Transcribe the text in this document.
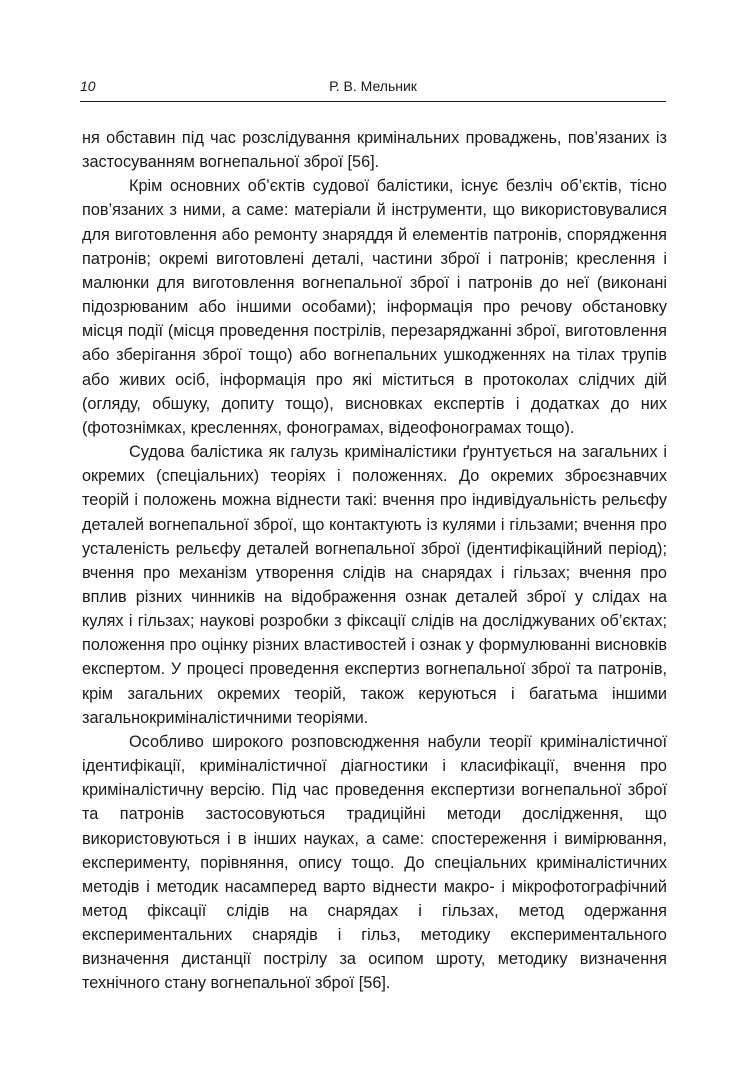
10	Р. В. Мельник

ня обставин під час розслідування кримінальних проваджень, пов’язаних із застосуванням вогнепальної зброї [56].

Крім основних об’єктів судової балістики, існує безліч об’єктів, тісно пов’язаних з ними, а саме: матеріали й інструменти, що використовувалися для виготовлення або ремонту знаряддя й елементів патронів, спорядження патронів; окремі виготовлені деталі, частини зброї і патронів; креслення і малюнки для виготовлення вогнепальної зброї і патронів до неї (виконані підозрюваним або іншими особами); інформація про речову обстановку місця події (місця проведення пострілів, перезаряджанні зброї, виготовлення або зберігання зброї тощо) або вогнепальних ушкодженнях на тілах трупів або живих осіб, інформація про які міститься в протоколах слідчих дій (огляду, обшуку, допиту тощо), висновках експертів і додатках до них (фотознімках, кресленнях, фонограмах, відеофонограмах тощо).

Судова балістика як галузь криміналістики ґрунтується на загальних і окремих (спеціальних) теоріях і положеннях. До окремих зброєзнавчих теорій і положень можна віднести такі: вчення про індивідуальність рельєфу деталей вогнепальної зброї, що контактують із кулями і гільзами; вчення про усталеність рельєфу деталей вогнепальної зброї (ідентифікаційний період); вчення про механізм утворення слідів на снарядах і гільзах; вчення про вплив різних чинників на відображення ознак деталей зброї у слідах на кулях і гільзах; наукові розробки з фіксації слідів на досліджуваних об’єктах; положення про оцінку різних властивостей і ознак у формулюванні висновків експертом. У процесі проведення експертиз вогнепальної зброї та патронів, крім загальних окремих теорій, також керуються і багатьма іншими загальнокриміналістичними теоріями.

Особливо широкого розповсюдження набули теорії криміналістичної ідентифікації, криміналістичної діагностики і класифікації, вчення про криміналістичну версію. Під час проведення експертизи вогнепальної зброї та патронів застосовуються традиційні методи дослідження, що використовуються і в інших науках, а саме: спостереження і вимірювання, експерименту, порівняння, опису тощо. До спеціальних криміналістичних методів і методик насамперед варто віднести макро- і мікрофотографічний метод фіксації слідів на снарядах і гільзах, метод одержання експериментальних снарядів і гільз, методику експериментального визначення дистанції пострілу за осипом шроту, методику визначення технічного стану вогнепальної зброї [56].
